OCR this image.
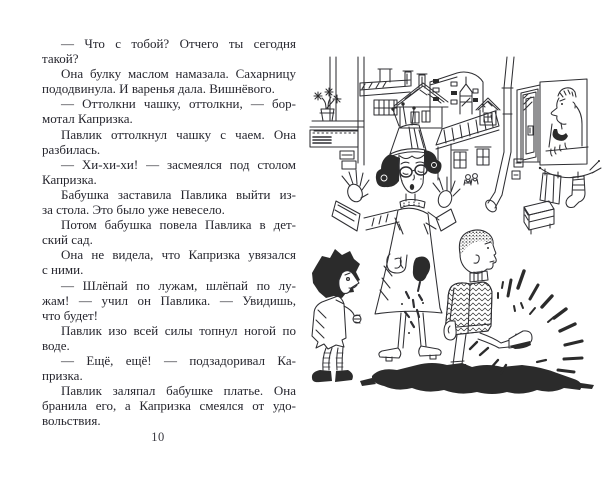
— Что с тобой? Отчего ты сегодня
такой?
Она булку маслом намазала. Сахарницу
пододвинула. И варенья дала. Вишнёвого.
— Оттолкни чашку, оттолкни, — бор-
мотал Капризка.
Павлик оттолкнул чашку с чаем. Она
разбилась.
— Хи-хи-хи! — засмеялся под столом
Капризка.
Бабушка заставила Павлика выйти из-
за стола. Это было уже невесело.
Потом бабушка повела Павлика в дет-
ский сад.
Она не видела, что Капризка увязался
с ними.
— Шлёпай по лужам, шлёпай по лу-
жам! — учил он Павлика. — Увидишь,
что будет!
Павлик изо всей силы топнул ногой по
воде.
— Ещё, ещё! — подзадоривал Ка-
призка.
Павлик заляпал бабушке платье. Она
бранила его, а Капризка смеялся от удо-
вольствия.
10
